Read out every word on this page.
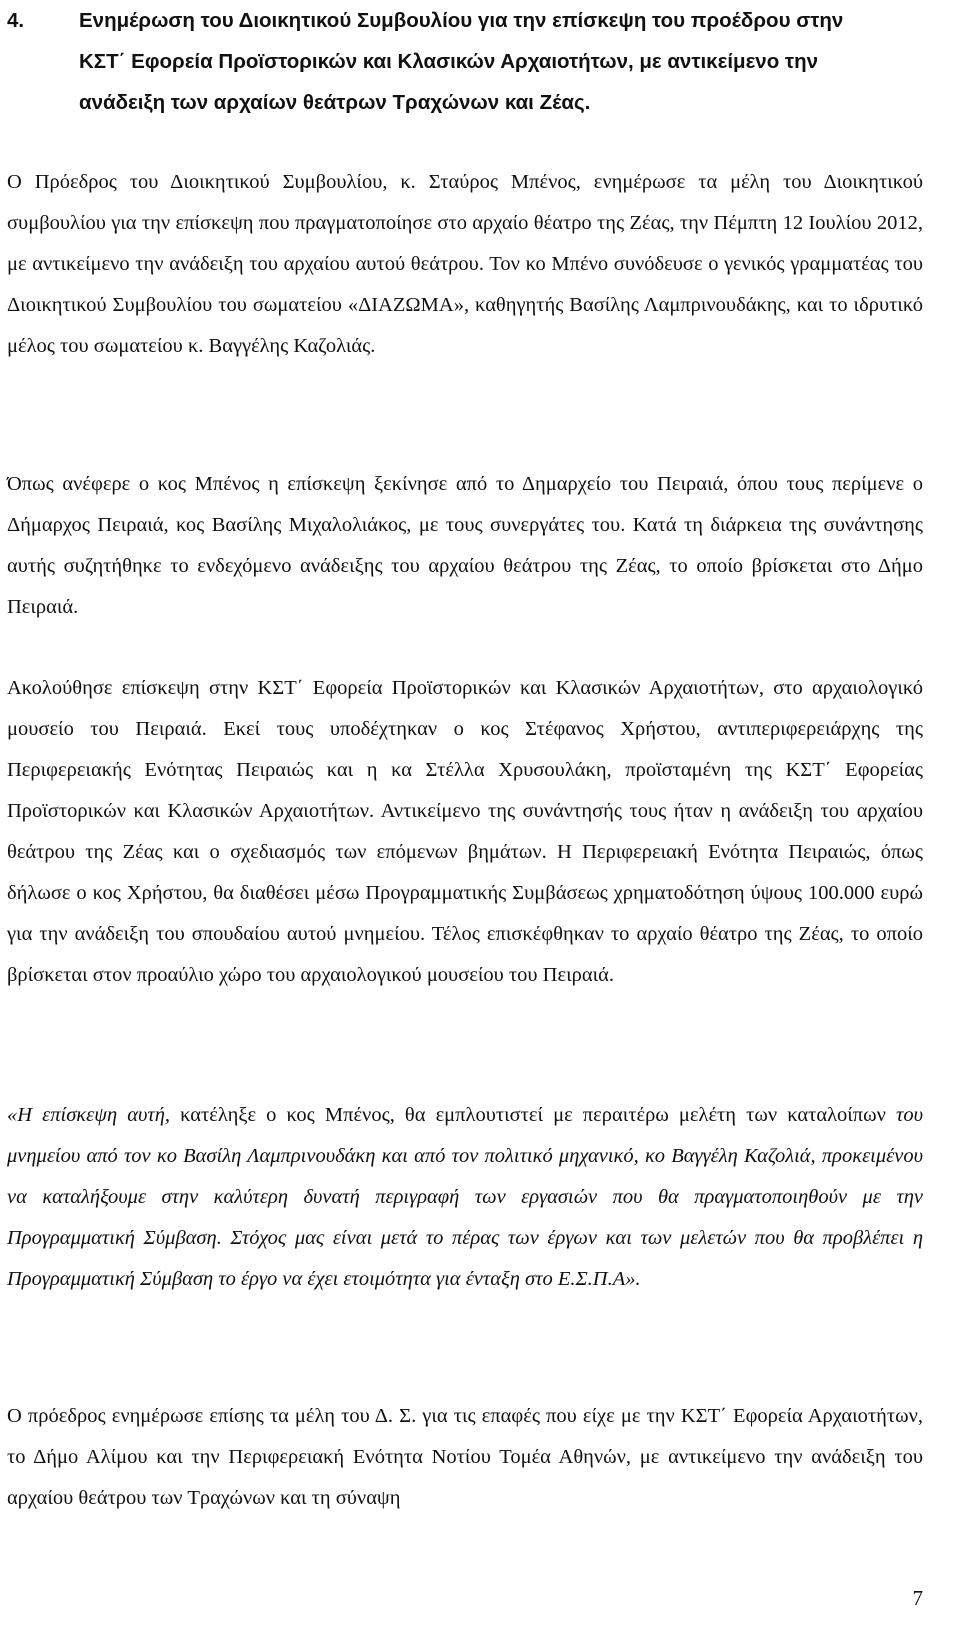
4.	Ενημέρωση του Διοικητικού Συμβουλίου για την επίσκεψη του προέδρου στην
ΚΣΤ΄ Εφορεία Προϊστορικών και Κλασικών Αρχαιοτήτων, με αντικείμενο την
ανάδειξη των αρχαίων θεάτρων Τραχώνων και Ζέας.

Ο Πρόεδρος του Διοικητικού Συμβουλίου, κ. Σταύρος Μπένος, ενημέρωσε τα μέλη του Διοικητικού συμβουλίου για την επίσκεψη που πραγματοποίησε στο αρχαίο θέατρο της Ζέας, την Πέμπτη 12 Ιουλίου 2012, με αντικείμενο την ανάδειξη του αρχαίου αυτού θεάτρου. Τον κο Μπένο συνόδευσε ο γενικός γραμματέας του Διοικητικού Συμβουλίου του σωματείου «ΔΙΑΖΩΜΑ», καθηγητής Βασίλης Λαμπρινουδάκης, και το ιδρυτικό μέλος του σωματείου κ. Βαγγέλης Καζολιάς.

Όπως ανέφερε ο κος Μπένος η επίσκεψη ξεκίνησε από το Δημαρχείο του Πειραιά, όπου τους περίμενε ο Δήμαρχος Πειραιά, κος Βασίλης Μιχαλολιάκος, με τους συνεργάτες του. Κατά τη διάρκεια της συνάντησης αυτής συζητήθηκε το ενδεχόμενο ανάδειξης του αρχαίου θεάτρου της Ζέας, το οποίο βρίσκεται στο Δήμο Πειραιά.

Ακολούθησε επίσκεψη στην ΚΣΤ΄ Εφορεία Προϊστορικών και Κλασικών Αρχαιοτήτων, στο αρχαιολογικό μουσείο του Πειραιά. Εκεί τους υποδέχτηκαν ο κος Στέφανος Χρήστου, αντιπεριφερειάρχης της Περιφερειακής Ενότητας Πειραιώς και η κα Στέλλα Χρυσουλάκη, προϊσταμένη της ΚΣΤ΄ Εφορείας Προϊστορικών και Κλασικών Αρχαιοτήτων. Αντικείμενο της συνάντησής τους ήταν η ανάδειξη του αρχαίου θεάτρου της Ζέας και ο σχεδιασμός των επόμενων βημάτων. Η Περιφερειακή Ενότητα Πειραιώς, όπως δήλωσε ο κος Χρήστου, θα διαθέσει μέσω Προγραμματικής Συμβάσεως χρηματοδότηση ύψους 100.000 ευρώ για την ανάδειξη του σπουδαίου αυτού μνημείου. Τέλος επισκέφθηκαν το αρχαίο θέατρο της Ζέας, το οποίο βρίσκεται στον προαύλιο χώρο του αρχαιολογικού μουσείου του Πειραιά.

«Η επίσκεψη αυτή, κατέληξε ο κος Μπένος, θα εμπλουτιστεί με περαιτέρω μελέτη των καταλοίπων του μνημείου από τον κο Βασίλη Λαμπρινουδάκη και από τον πολιτικό μηχανικό, κο Βαγγέλη Καζολιά, προκειμένου να καταλήξουμε στην καλύτερη δυνατή περιγραφή των εργασιών που θα πραγματοποιηθούν με την Προγραμματική Σύμβαση. Στόχος μας είναι μετά το πέρας των έργων και των μελετών που θα προβλέπει η Προγραμματική Σύμβαση το έργο να έχει ετοιμότητα για ένταξη στο Ε.Σ.Π.Α».

Ο πρόεδρος ενημέρωσε επίσης τα μέλη του Δ. Σ. για τις επαφές που είχε με την ΚΣΤ΄ Εφορεία Αρχαιοτήτων, το Δήμο Αλίμου και την Περιφερειακή Ενότητα Νοτίου Τομέα Αθηνών, με αντικείμενο την ανάδειξη του αρχαίου θεάτρου των Τραχώνων και τη σύναψη

7
